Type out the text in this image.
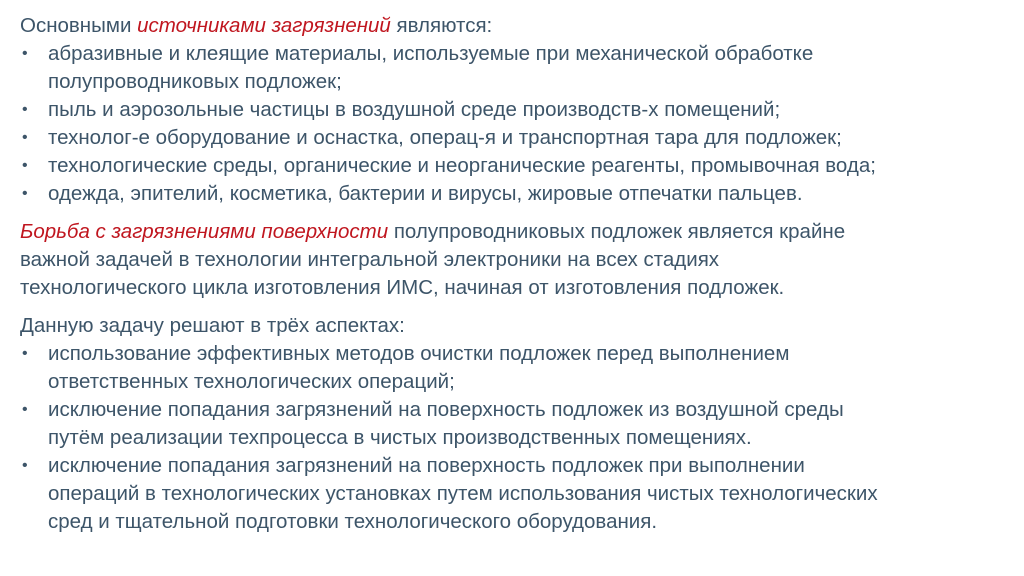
Основными источниками загрязнений являются:

• абразивные и клеящие материалы, используемые при механической обработке
полупроводниковых подложек;
• пыль и аэрозольные частицы в воздушной среде производств-х помещений;
• технолог-е оборудование и оснастка, операц-я и транспортная тара для подложек;
• технологические среды, органические и неорганические реагенты, промывочная вода;
• одежда, эпителий, косметика, бактерии и вирусы, жировые отпечатки пальцев.

Борьба с загрязнениями поверхности полупроводниковых подложек является крайне

важной задачей в технологии интегральной электроники на всех стадиях

технологического цикла изготовления ИМС, начиная от изготовления подложек.

Данную задачу решают в трёх аспектах:

• использование эффективных методов очистки подложек перед выполнением
ответственных технологических операций;
• исключение попадания загрязнений на поверхность подложек из воздушной среды
путём реализации техпроцесса в чистых производственных помещениях.
• исключение попадания загрязнений на поверхность подложек при выполнении
операций в технологических установках путем использования чистых технологических
сред и тщательной подготовки технологического оборудования.
